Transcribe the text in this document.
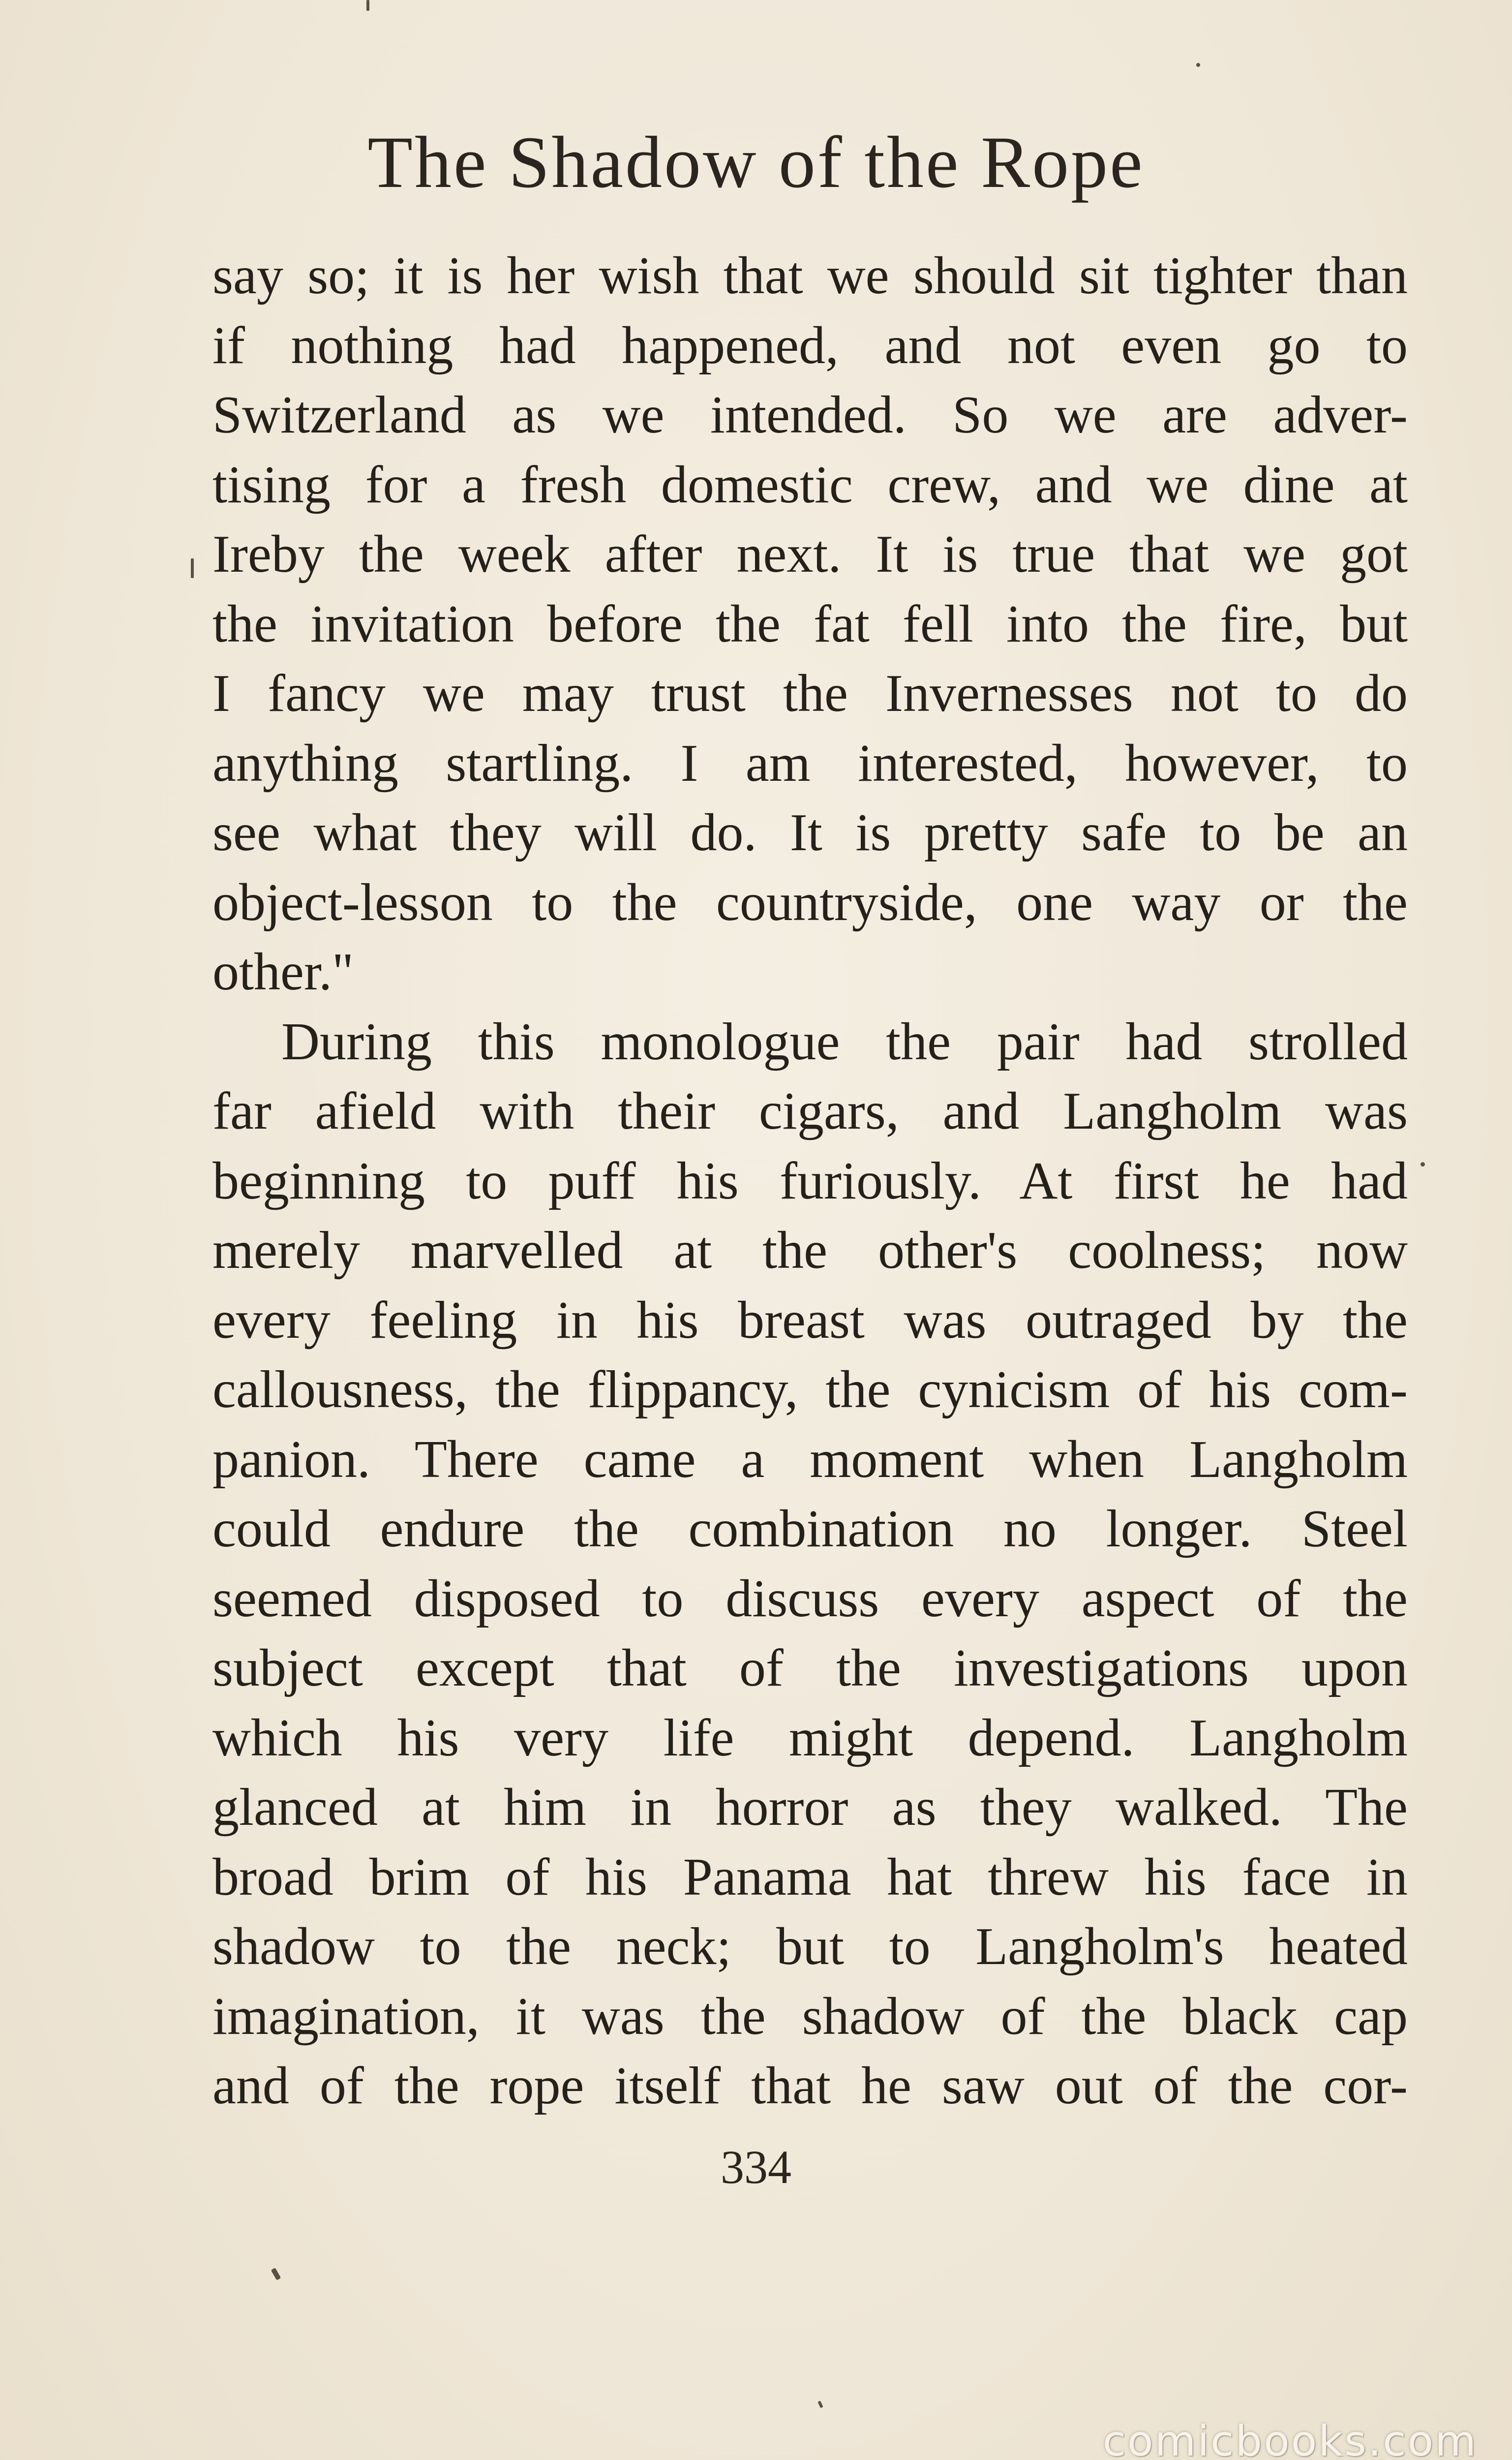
The Shadow of the Rope
say so; it is her wish that we should sit tighter than
if nothing had happened, and not even go to
Switzerland as we intended. So we are adver-
tising for a fresh domestic crew, and we dine at
Ireby the week after next. It is true that we got
the invitation before the fat fell into the fire, but
I fancy we may trust the Invernesses not to do
anything startling. I am interested, however, to
see what they will do. It is pretty safe to be an
object-lesson to the countryside, one way or the
other."
During this monologue the pair had strolled
far afield with their cigars, and Langholm was
beginning to puff his furiously. At first he had
merely marvelled at the other's coolness; now
every feeling in his breast was outraged by the
callousness, the flippancy, the cynicism of his com-
panion. There came a moment when Langholm
could endure the combination no longer. Steel
seemed disposed to discuss every aspect of the
subject except that of the investigations upon
which his very life might depend. Langholm
glanced at him in horror as they walked. The
broad brim of his Panama hat threw his face in
shadow to the neck; but to Langholm's heated
imagination, it was the shadow of the black cap
and of the rope itself that he saw out of the cor-
334
comicbooks.com
